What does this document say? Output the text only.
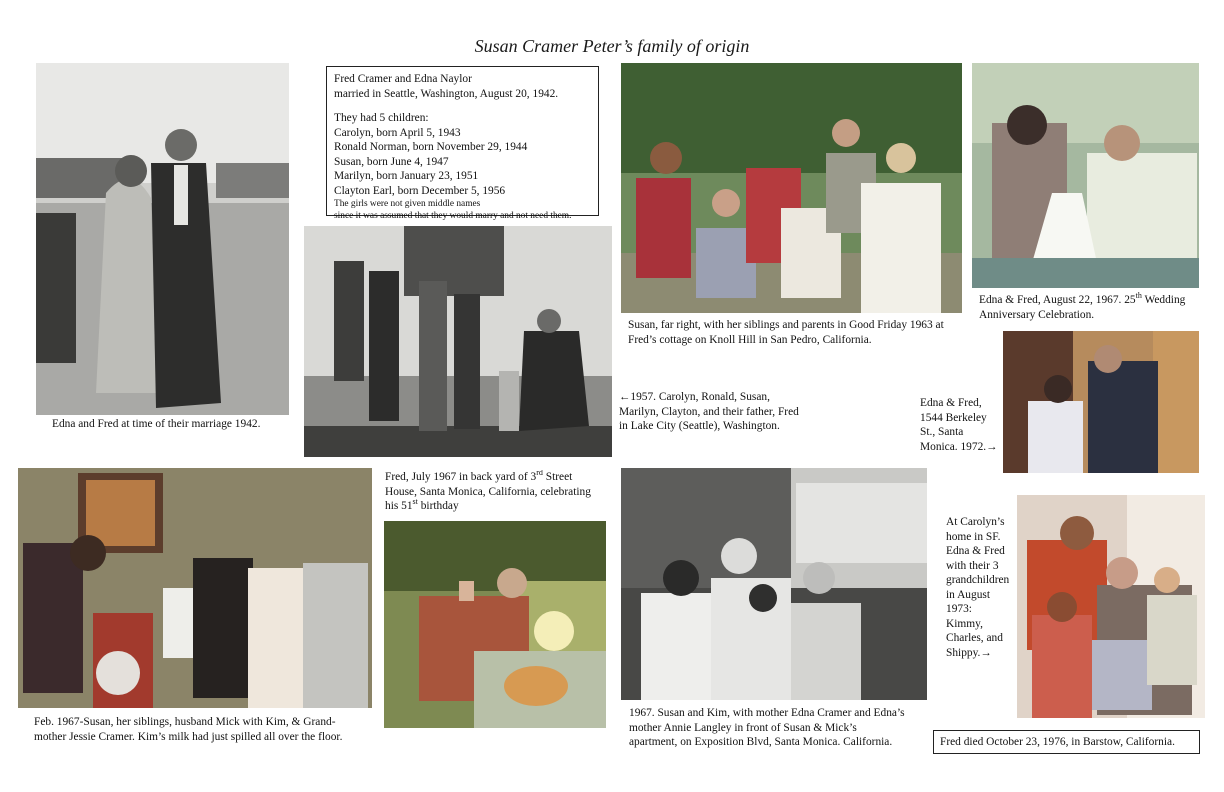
Susan Cramer Peter’s family of origin
Edna and Fred at time of their marriage 1942.
Fred Cramer and Edna Naylor
married in Seattle, Washington, August 20, 1942.
They had 5 children:
Carolyn, born April 5, 1943
Ronald Norman, born November 29, 1944
Susan, born June 4, 1947
Marilyn, born January 23, 1951
Clayton Earl, born December 5, 1956
The girls were not given middle names
since it was assumed that they would marry and not need them.
←1957. Carolyn, Ronald, Susan,
Marilyn, Clayton, and their father, Fred
in Lake City (Seattle), Washington.
Susan, far right, with her siblings and parents in Good Friday 1963 at
Fred’s cottage on Knoll Hill in San Pedro, California.
Edna & Fred, August 22, 1967. 25th Wedding
Anniversary Celebration.
Edna & Fred,
1544 Berkeley
St., Santa
Monica. 1972.→
Feb. 1967-Susan, her siblings, husband Mick with Kim, & Grand-
mother Jessie Cramer. Kim’s milk had just spilled all over the floor.
Fred, July 1967 in back yard of 3rd Street
House, Santa Monica, California, celebrating
his 51st birthday
1967. Susan and Kim, with mother Edna Cramer and Edna’s
mother Annie Langley in front of Susan & Mick’s
apartment, on Exposition Blvd, Santa Monica. California.
At Carolyn’s
home in SF.
Edna & Fred
with their 3
grandchildren
in August
1973:
Kimmy,
Charles, and
Shippy.→
Fred died October 23, 1976, in Barstow, California.
